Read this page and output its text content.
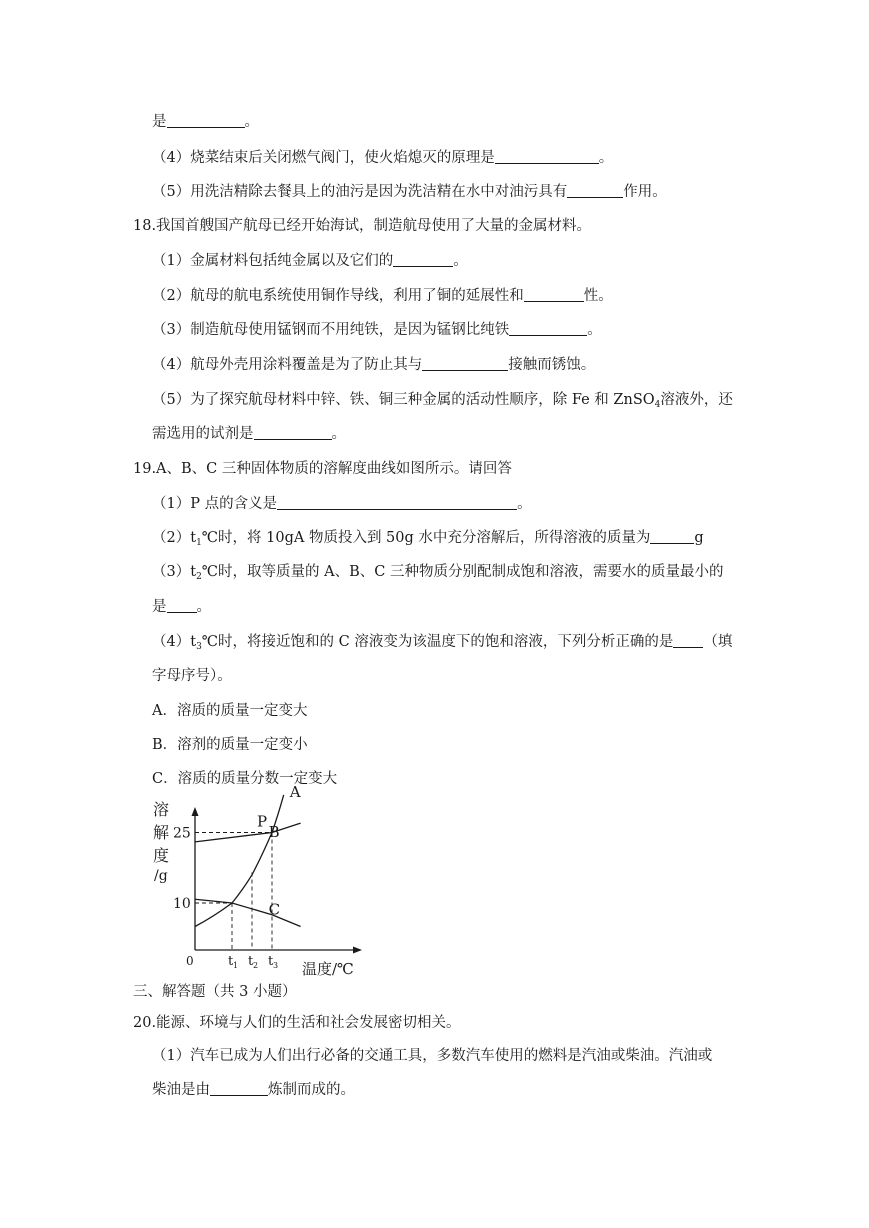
是	。
（4）烧菜结束后关闭燃气阀门，使火焰熄灭的原理是	。
（5）用洗洁精除去餐具上的油污是因为洗洁精在水中对油污具有	作用。
18.我国首艘国产航母已经开始海试，制造航母使用了大量的金属材料。
（1）金属材料包括纯金属以及它们的	。
（2）航母的航电系统使用铜作导线，利用了铜的延展性和	性。
（3）制造航母使用锰钢而不用纯铁，是因为锰钢比纯铁	。
（4）航母外壳用涂料覆盖是为了防止其与	接触而锈蚀。
（5）为了探究航母材料中锌、铁、铜三种金属的活动性顺序，除 Fe 和 ZnSO$_4$溶液外，还
需选用的试剂是	。
19.A、B、C 三种固体物质的溶解度曲线如图所示。请回答
（1）P 点的含义是	。
$(2)t_1℃$时，将 10gA 物质投入到 50g 水中充分溶解后，所得溶液的质量为	g
$(3)t_2℃$时，取等质量的 A、B、C 三种物质分别配制成饱和溶液，需要水的质量最小的
是 。
$(4)t_3℃$时，将接近饱和的 C 溶液变为该温度下的饱和溶液，下列分析正确的是 （填
字母序号）。
A．溶质的质量一定变大
B．溶剂的质量一定变小
C．溶质的质量分数一定变大
溶
解
度
/g
0	温度/℃
A
B
C
P
25
10
t 1 t 2 t 3
三、解答题（共 3 小题）
20.能源、环境与人们的生活和社会发展密切相关。
（1）汽车已成为人们出行必备的交通工具，多数汽车使用的燃料是汽油或柴油。汽油或
柴油是由	炼制而成的。
